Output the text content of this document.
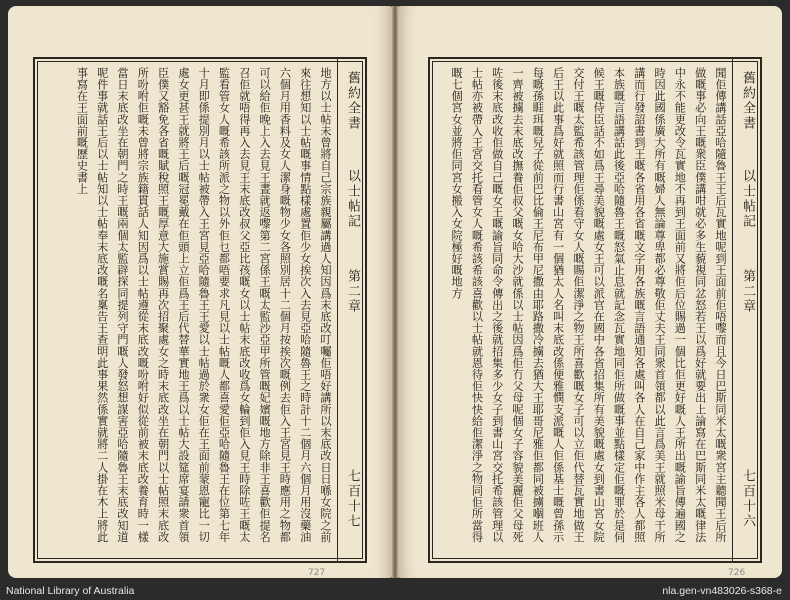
地方以士帖未曾將自己宗族親屬講過人知因爲末底改叮囑佢唔好講所以末底改日日喺女院之前來往想知以士帖嘅事情點樣處置佢少女挨次入去見亞哈隨魯王之時計十二個月六個月用沒藥油六個月用香料及女人潔身嘅物少女各照別居十二個月按挨次嘅例去佢入王宮見王時應用之物都可以給佢晚上入去見王晝就返嚟第二宮係王嘅太監沙亞甲所管嘅妃嬪嘅地方除非王喜歡佢提名召佢就唔得再入去見王末底改叔父亞比孩嘅女以士帖末底改收爲女輪到佢入見王時除咗王嘅太監看管女人嘅希該所派之物以外佢乜都唔要求凡見以士帖嘅人都喜愛佢亞哈隨魯王在位第七年十月即係提別月以士帖被帶入王宮見亞哈隨魯王王愛以士帖過於衆女佢在王面前蒙恩寵比一切處女更甚王就將王后嘅冠冕戴在佢頭上立佢爲王后代替華實地王爲以士帖大設筵席宴請衆首領臣僕又豁免各省嘅賦稅照王嘅厚意大施賞賜再次招聚處女之時末底改坐在朝門以士帖照末底改所吩咐佢嘅未曾將宗族籍貫話人知因爲以士帖遵從末底改嘅吩咐好似從前被末底改養育時一樣當日末底改坐在朝門之時王嘅兩個太監辟探同提列守門嘅人發怒想謀害亞哈隨魯王末底改知道呢件事就話王后以士帖知以士帖奉末底改嘅名稟告王查明此事果然係實就將二人掛在木上將此事寫在王面前嘅歷史書上	舊約全書
以士帖記
第二章
七百十七
727
聞佢傳講話亞哈隨魯王王后瓦實地呢到王面前佢唔嚟而且今日巴斯同米太嘅衆宮主聽聞王后所做嘅事必向王嘅衆臣僕講咁就必多生藐視同忿怒若王以爲好就要出上論寫在巴斯同米太嘅律法中永不能更改令瓦實地不再到王面前又將佢后位賜過一個比佢更好嘅人王所出嘅諭旨傳遍國之時因此國係廣大所有嘅婦人無論尊卑都必尊敬佢丈夫王同衆首領都以此言爲美王就照米母干所講而行發詔書到王嘅各省用各省嘅文字用各族嘅言語通知各處叫各人在自己家中作主各人都照本族嘅言語講話此後亞哈隨魯王嘅怒氣止息就記念瓦實地同佢所做嘅事並點樣定佢嘅罪於是伺候王嘅侍臣話不如爲王尋美貌嘅處女王可以派官在國中各省招集所有美貌嘅處女到書山宮女院交付王嘅太監希該管理佢係看守女人嘅賜佢潔淨之物王所喜歡嘅女子可以立佢代替瓦實地做王后王以此事爲好就照而行書山宮有一個猶太人名叫末底改係便雅憫支派嘅人佢係基士嘅曾孫示每嘅孫睚珥嘅兒子從前巴比倫王尼布甲尼撒由耶路撒冷擄去猶大王耶哥尼雅佢都同被擄嗰班人一齊被擄去末底改撫養佢叔父嘅女哈大沙就係以士帖因爲佢冇父母呢個女子容貌美麗佢父母死咗後末底改收佢做自己嘅女王嘅諭旨同命令傳出之後就招集多少女子到書山宮交托希該管理以士帖亦被帶入王宮交托看管女人嘅希該希該喜歡以士帖就恩待佢快快給佢潔淨之物同佢所當得嘅七個宮女並將佢同宮女搬入女院極好嘅地方	舊約全書
以士帖記
第二章
七百十六
726
National Library of Australia	nla.gen-vn483026-s368-e
